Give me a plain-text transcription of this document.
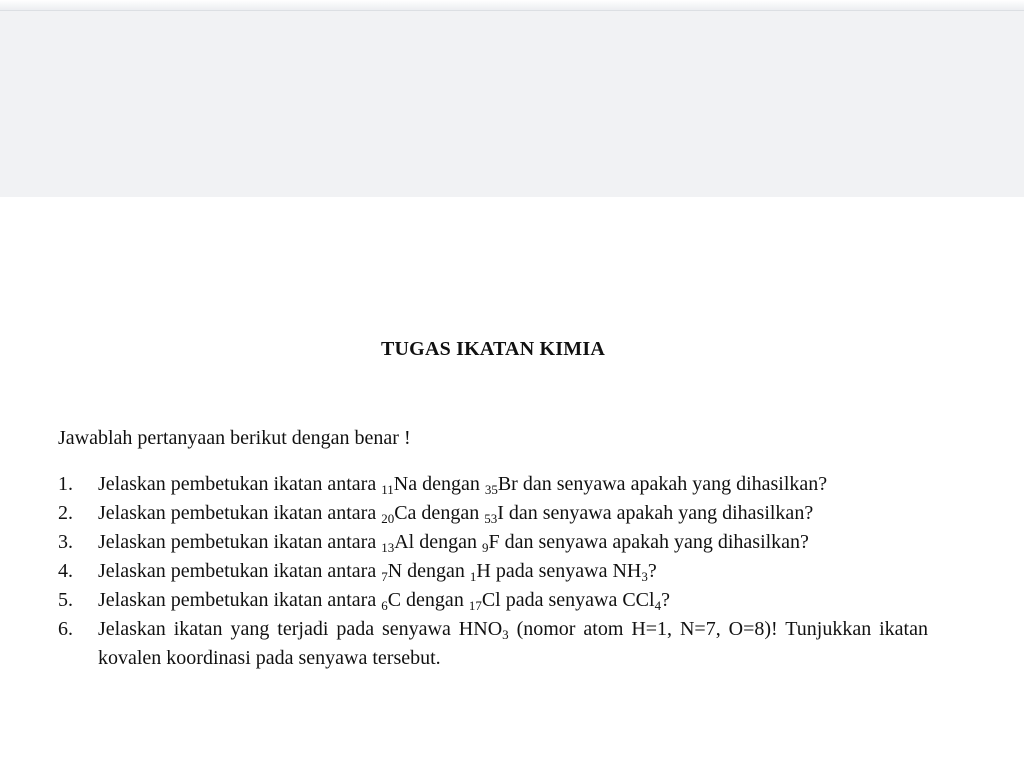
TUGAS IKATAN KIMIA
Jawablah pertanyaan berikut dengan benar !
1.	Jelaskan pembetukan ikatan antara $_{11}$Na dengan $_{35}$Br dan senyawa apakah yang dihasilkan?
2.	Jelaskan pembetukan ikatan antara $_{20}$Ca dengan $_{53}$I dan senyawa apakah yang dihasilkan?
3.	Jelaskan pembetukan ikatan antara $_{13}$Al dengan $_9$F dan senyawa apakah yang dihasilkan?
4.	Jelaskan pembetukan ikatan antara $_7$N dengan $_1$H pada senyawa $NH_3$?
5.	Jelaskan pembetukan ikatan antara $_6$C dengan $_{17}$Cl pada senyawa CCl$_4$?
6.	Jelaskan ikatan yang terjadi pada senyawa $HNO_3$ (nomor atom H=1, N=7, O=8)! Tunjukkan ikatan kovalen koordinasi pada senyawa tersebut.
